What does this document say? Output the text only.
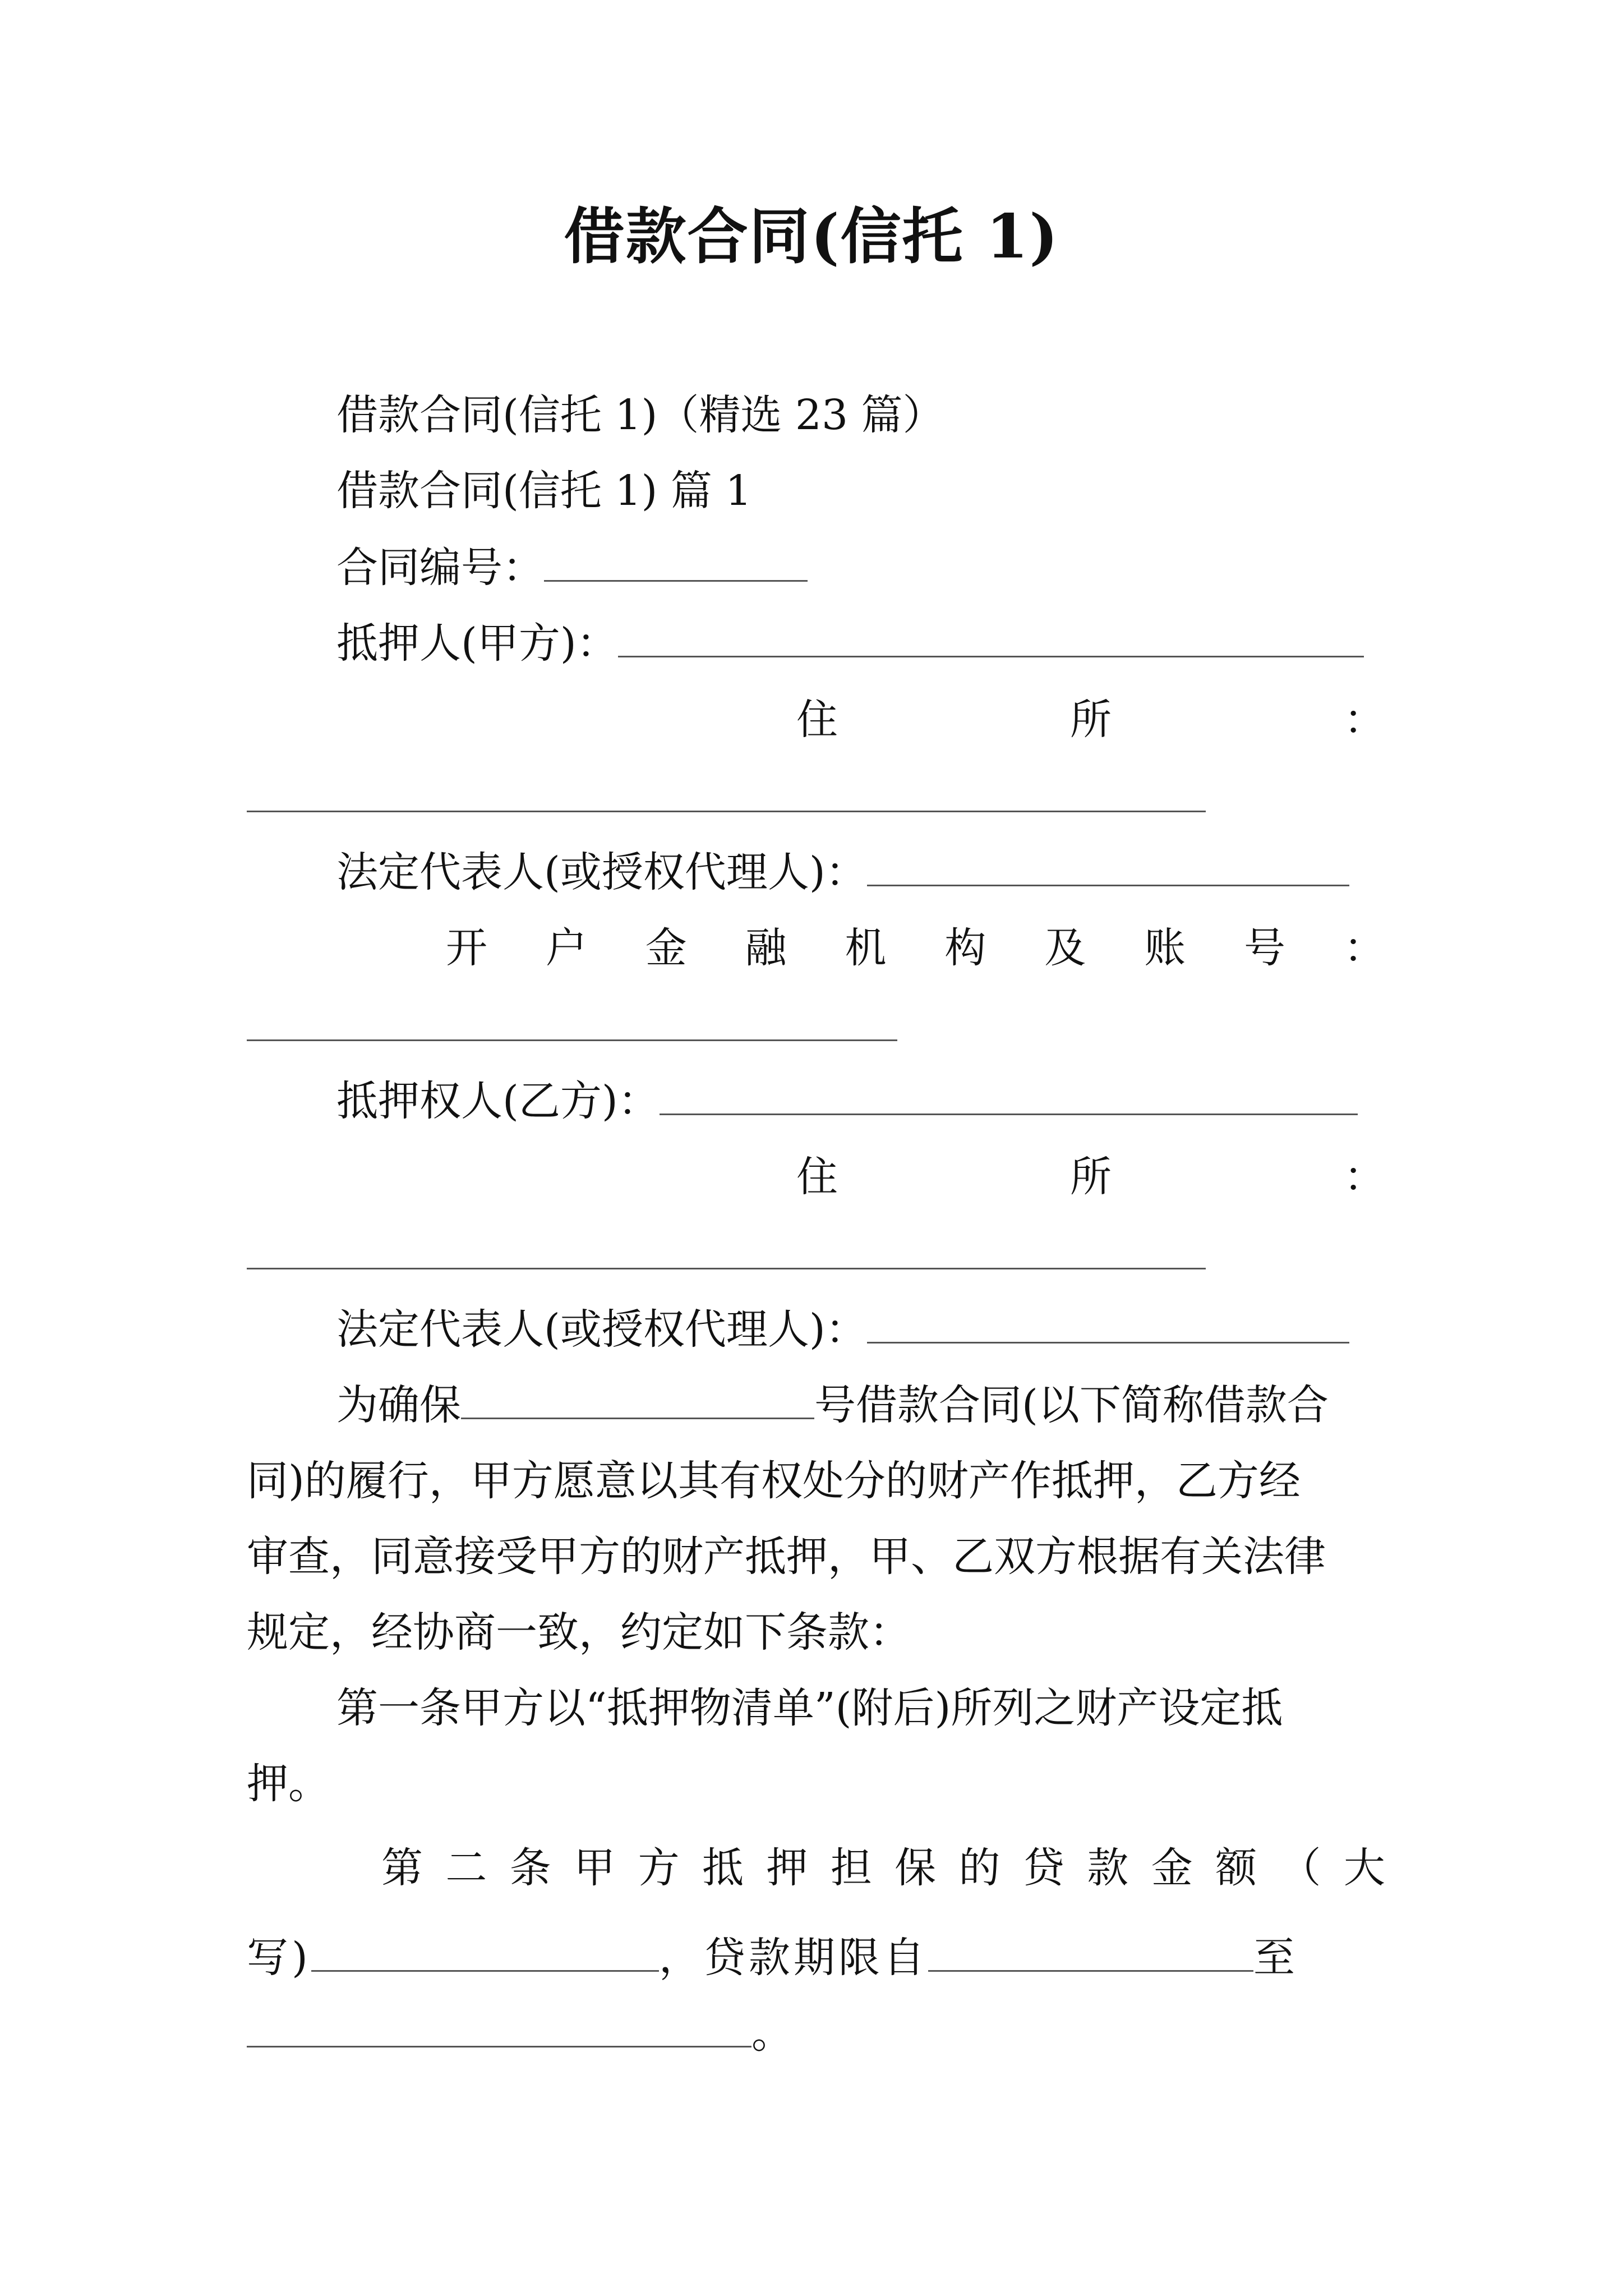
借款合同(信托 1)
借款合同(信托 1)（精选 23 篇）
借款合同(信托 1) 篇 1
合同编号：
抵押人(甲方)：
住	所	：
法定代表人(或授权代理人)：
开 户 金 融 机 构 及 账 号 ：
抵押权人(乙方)：
住	所	：
法定代表人(或授权代理人)：
为确保	号借款合同(以下简称借款合
同)的履行，甲方愿意以其有权处分的财产作抵押，乙方经
审查，同意接受甲方的财产抵押，甲、乙双方根据有关法律
规定，经协商一致，约定如下条款：
第一条甲方以“抵押物清单”(附后)所列之财产设定抵
押。
第 二 条 甲 方 抵 押 担 保 的 贷 款 金 额 （ 大
写)	，贷款期限自	至
。
